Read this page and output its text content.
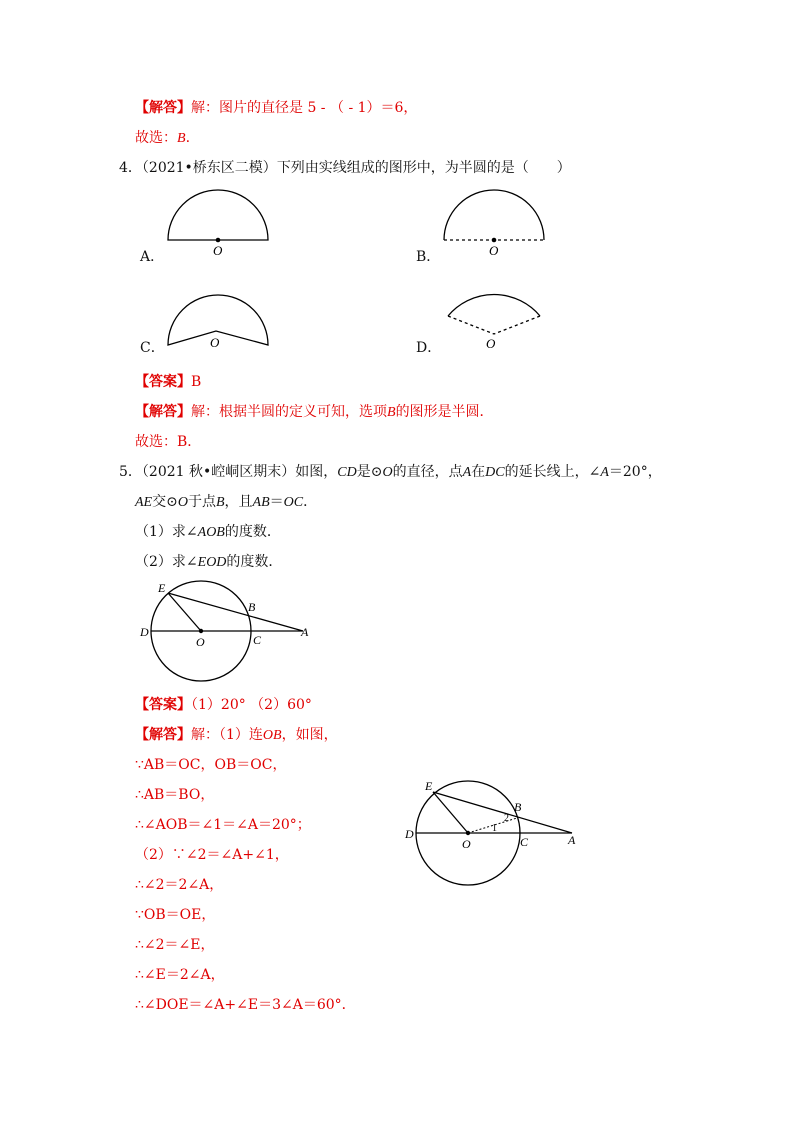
【解答】解：图片的直径是 5 - （ - 1）＝6，
故选：B.
4．（2021•桥东区二模）下列由实线组成的图形中，为半圆的是（　　）
O
A．	O
B．
O
C．	O
D．
【答案】B
【解答】解：根据半圆的定义可知，选项B的图形是半圆．
故选：B．
5．（2021 秋•崆峒区期末）如图，CD是⊙O的直径，点A在DC的延长线上，∠A＝20°，
AE交⊙O于点B，且AB＝OC．
（1）求∠AOB的度数．
（2）求∠EOD的度数．
E
B
D
O	C
A
【答案】（1）20° （2）60°
【解答】解：（1）连OB，如图，
∵AB＝OC，OB＝OC，
∴AB＝BO，
∴∠AOB＝∠1＝∠A＝20°；
（2）∵∠2＝∠A+∠1，
∴∠2＝2∠A，
∵OB＝OE，
∴∠2＝∠E，
∴∠E＝2∠A，
∴∠DOE＝∠A+∠E＝3∠A＝60°．
E
B
D
O	C	A
1
2
